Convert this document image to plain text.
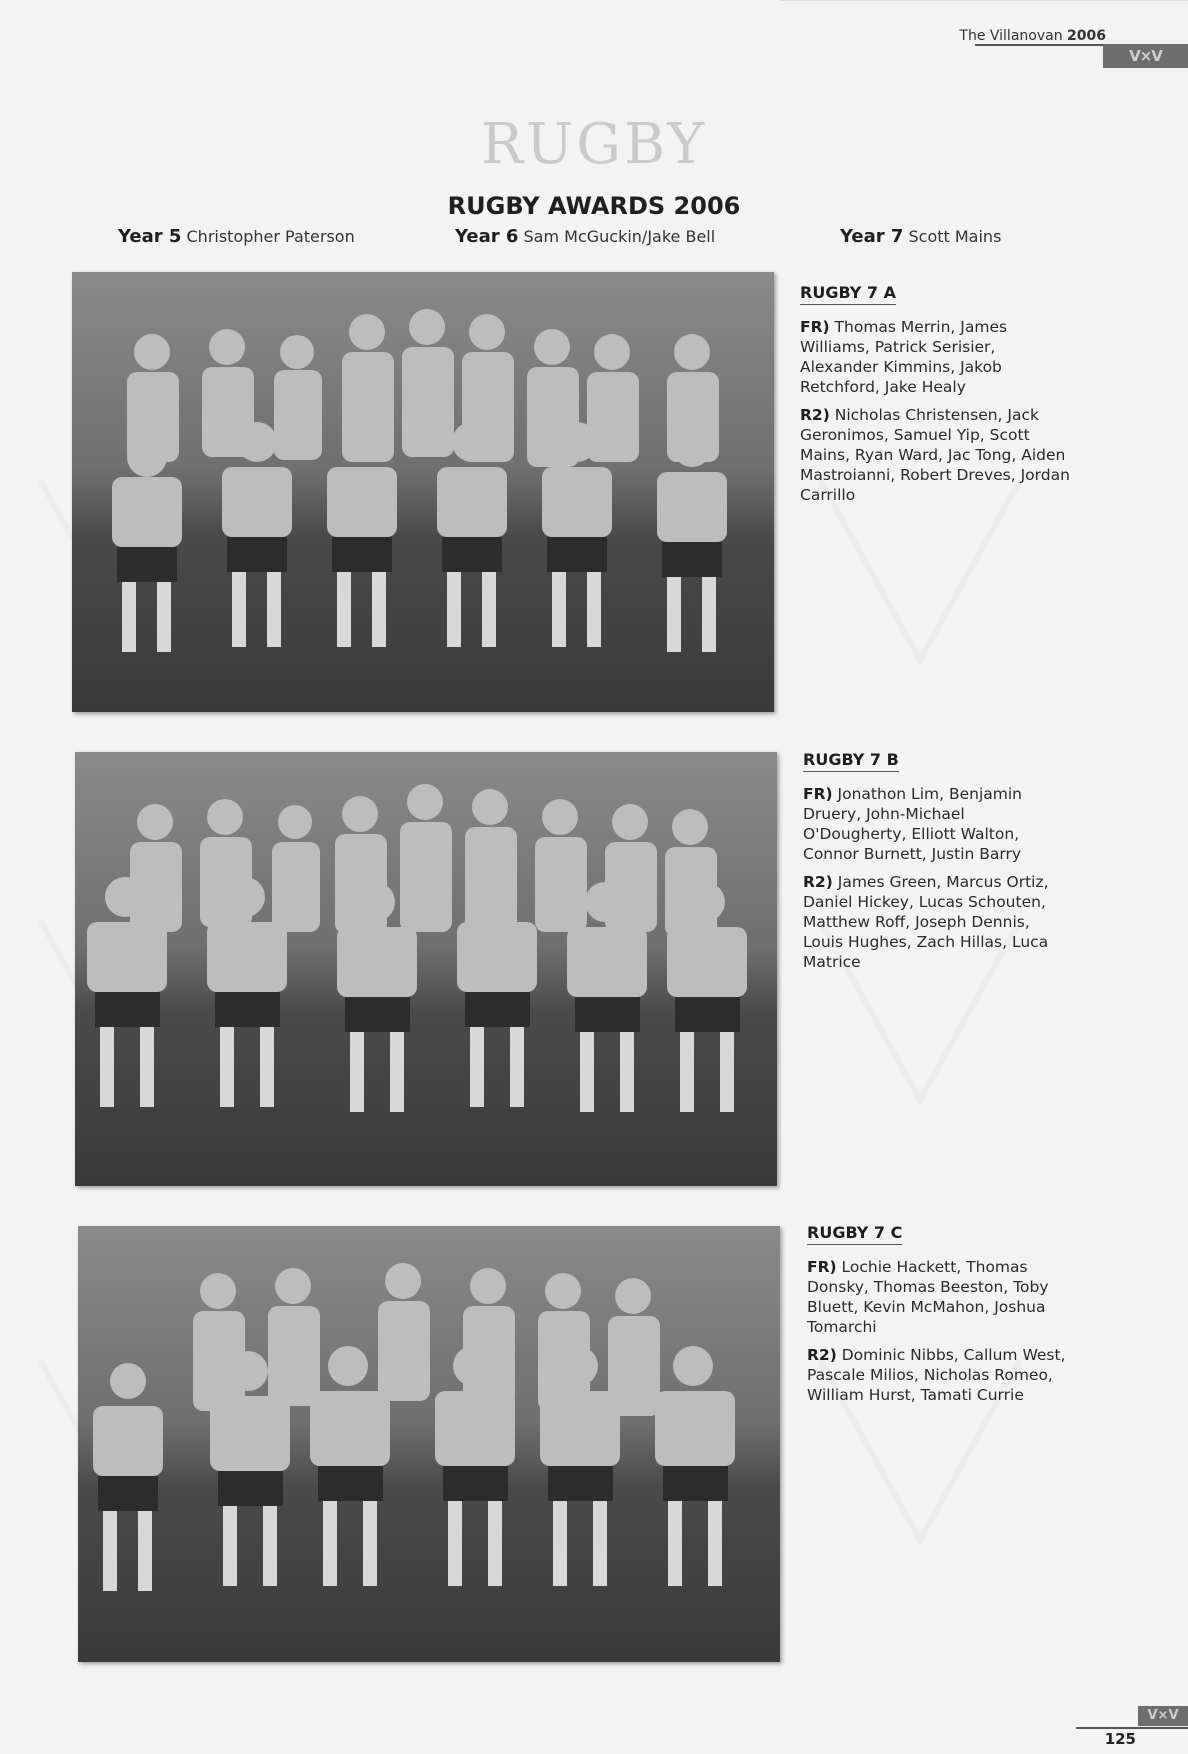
The Villanovan 2006
V×V
RUGBY
RUGBY AWARDS 2006
Year 5 Christopher Paterson	Year 6 Sam McGuckin/Jake Bell	Year 7 Scott Mains
RUGBY 7 A
FR) Thomas Merrin, James Williams, Patrick Serisier, Alexander Kimmins, Jakob Retchford, Jake Healy
R2) Nicholas Christensen, Jack Geronimos, Samuel Yip, Scott Mains, Ryan Ward, Jac Tong, Aiden Mastroianni, Robert Dreves, Jordan Carrillo
RUGBY 7 B
FR) Jonathon Lim, Benjamin Druery, John-Michael O'Dougherty, Elliott Walton, Connor Burnett, Justin Barry
R2) James Green, Marcus Ortiz, Daniel Hickey, Lucas Schouten, Matthew Roff, Joseph Dennis, Louis Hughes, Zach Hillas, Luca Matrice
RUGBY 7 C
FR) Lochie Hackett, Thomas Donsky, Thomas Beeston, Toby Bluett, Kevin McMahon, Joshua Tomarchi
R2) Dominic Nibbs, Callum West, Pascale Milios, Nicholas Romeo, William Hurst, Tamati Currie
V×V
125
